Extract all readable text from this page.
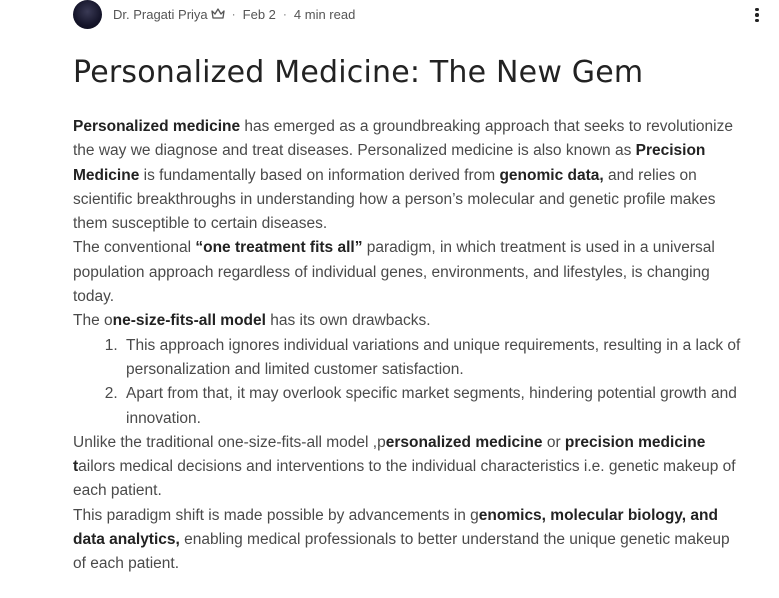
Dr. Pragati Priya · Feb 2 · 4 min read
Personalized Medicine: The New Gem

Personalized medicine has emerged as a groundbreaking approach that seeks to revolutionize the way we diagnose and treat diseases. Personalized medicine is also known as Precision Medicine is fundamentally based on information derived from genomic data, and relies on scientific breakthroughs in understanding how a person’s molecular and genetic profile makes them susceptible to certain diseases.

The conventional “one treatment fits all” paradigm, in which treatment is used in a universal population approach regardless of individual genes, environments, and lifestyles, is changing today.

The one-size-fits-all model has its own drawbacks.

1. This approach ignores individual variations and unique requirements, resulting in a lack of personalization and limited customer satisfaction.
2. Apart from that, it may overlook specific market segments, hindering potential growth and innovation.

Unlike the traditional one-size-fits-all model ,personalized medicine or precision medicine tailors medical decisions and interventions to the individual characteristics i.e. genetic makeup of each patient.

This paradigm shift is made possible by advancements in genomics, molecular biology, and data analytics, enabling medical professionals to better understand the unique genetic makeup of each patient.
